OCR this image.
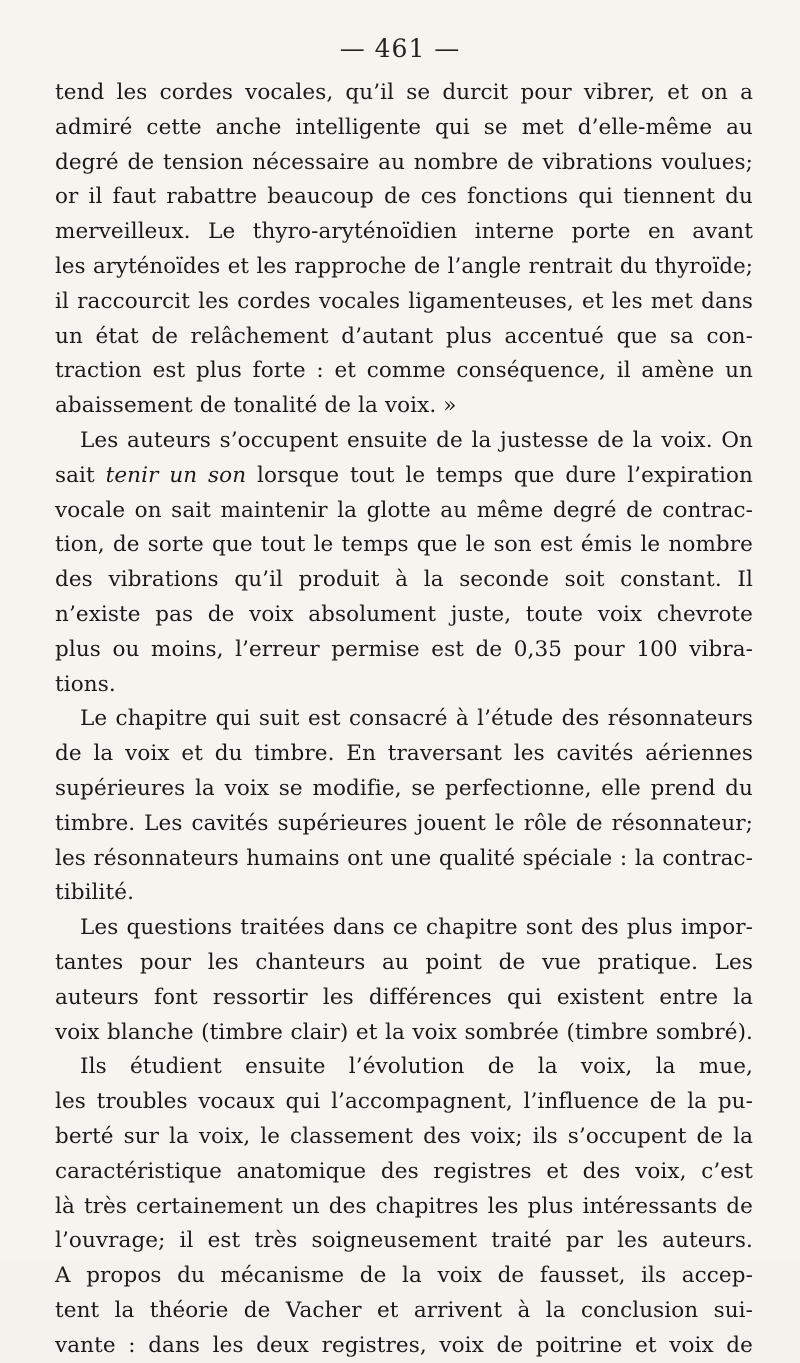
— 461 —
tend les cordes vocales, qu’il se durcit pour vibrer, et on a
admiré cette anche intelligente qui se met d’elle-même au
degré de tension nécessaire au nombre de vibrations voulues;
or il faut rabattre beaucoup de ces fonctions qui tiennent du
merveilleux. Le thyro-aryténoïdien interne porte en avant
les aryténoïdes et les rapproche de l’angle rentrait du thyroïde;
il raccourcit les cordes vocales ligamenteuses, et les met dans
un état de relâchement d’autant plus accentué que sa con-
traction est plus forte : et comme conséquence, il amène un
abaissement de tonalité de la voix. »
Les auteurs s’occupent ensuite de la justesse de la voix. On
sait tenir un son lorsque tout le temps que dure l’expiration
vocale on sait maintenir la glotte au même degré de contrac-
tion, de sorte que tout le temps que le son est émis le nombre
des vibrations qu’il produit à la seconde soit constant. Il
n’existe pas de voix absolument juste, toute voix chevrote
plus ou moins, l’erreur permise est de 0,35 pour 100 vibra-
tions.
Le chapitre qui suit est consacré à l’étude des résonnateurs
de la voix et du timbre. En traversant les cavités aériennes
supérieures la voix se modifie, se perfectionne, elle prend du
timbre. Les cavités supérieures jouent le rôle de résonnateur;
les résonnateurs humains ont une qualité spéciale : la contrac-
tibilité.
Les questions traitées dans ce chapitre sont des plus impor-
tantes pour les chanteurs au point de vue pratique. Les
auteurs font ressortir les différences qui existent entre la
voix blanche (timbre clair) et la voix sombrée (timbre sombré).
Ils étudient ensuite l’évolution de la voix, la mue,
les troubles vocaux qui l’accompagnent, l’influence de la pu-
berté sur la voix, le classement des voix; ils s’occupent de la
caractéristique anatomique des registres et des voix, c’est
là très certainement un des chapitres les plus intéressants de
l’ouvrage; il est très soigneusement traité par les auteurs.
A propos du mécanisme de la voix de fausset, ils accep-
tent la théorie de Vacher et arrivent à la conclusion sui-
vante : dans les deux registres, voix de poitrine et voix de
